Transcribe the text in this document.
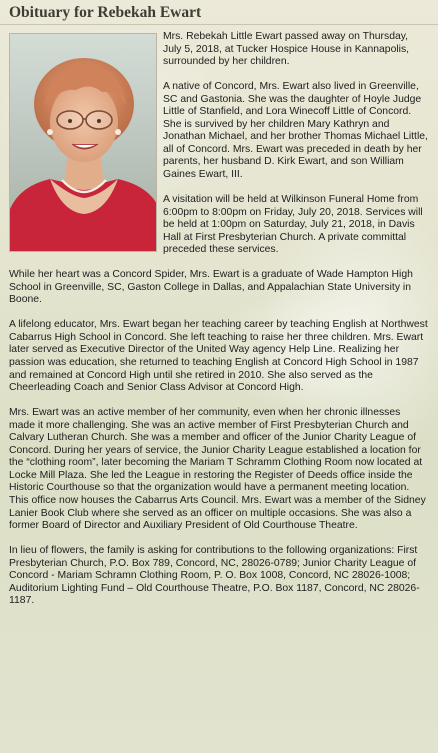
Obituary for Rebekah Ewart

Mrs. Rebekah Little Ewart passed away on Thursday, July 5, 2018, at Tucker Hospice House in Kannapolis, surrounded by her children.

A native of Concord, Mrs. Ewart also lived in Greenville, SC and Gastonia. She was the daughter of Hoyle Judge Little of Stanfield, and Lora Winecoff Little of Concord. She is survived by her children Mary Kathryn and Jonathan Michael, and her brother Thomas Michael Little, all of Concord. Mrs. Ewart was preceded in death by her parents, her husband D. Kirk Ewart, and son William Gaines Ewart, III.

A visitation will be held at Wilkinson Funeral Home from 6:00pm to 8:00pm on Friday, July 20, 2018. Services will be held at 1:00pm on Saturday, July 21, 2018, in Davis Hall at First Presbyterian Church. A private committal preceded these services.

While her heart was a Concord Spider, Mrs. Ewart is a graduate of Wade Hampton High School in Greenville, SC, Gaston College in Dallas, and Appalachian State University in Boone.

A lifelong educator, Mrs. Ewart began her teaching career by teaching English at Northwest Cabarrus High School in Concord. She left teaching to raise her three children. Mrs. Ewart later served as Executive Director of the United Way agency Help Line. Realizing her passion was education, she returned to teaching English at Concord High School in 1987 and remained at Concord High until she retired in 2010. She also served as the Cheerleading Coach and Senior Class Advisor at Concord High.

Mrs. Ewart was an active member of her community, even when her chronic illnesses made it more challenging. She was an active member of First Presbyterian Church and Calvary Lutheran Church. She was a member and officer of the Junior Charity League of Concord. During her years of service, the Junior Charity League established a location for the “clothing room”, later becoming the Mariam T Schramm Clothing Room now located at Locke Mill Plaza. She led the League in restoring the Register of Deeds office inside the Historic Courthouse so that the organization would have a permanent meeting location. This office now houses the Cabarrus Arts Council. Mrs. Ewart was a member of the Sidney Lanier Book Club where she served as an officer on multiple occasions. She was also a former Board of Director and Auxiliary President of Old Courthouse Theatre.

In lieu of flowers, the family is asking for contributions to the following organizations: First Presbyterian Church, P.O. Box 789, Concord, NC, 28026-0789; Junior Charity League of Concord - Mariam Schramn Clothing Room, P. O. Box 1008, Concord, NC 28026-1008; Auditorium Lighting Fund – Old Courthouse Theatre, P.O. Box 1187, Concord, NC 28026-1187.
